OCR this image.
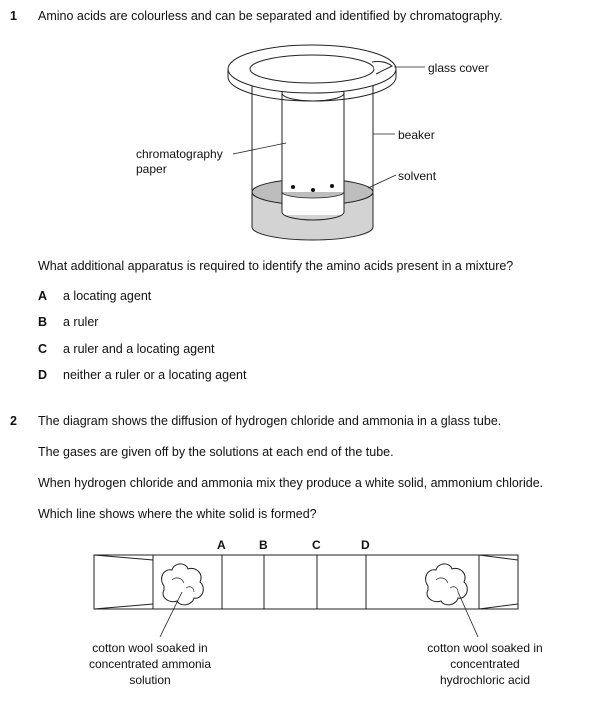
1 Amino acids are colourless and can be separated and identified by chromatography.
glass cover
beaker
chromatography
paper	solvent
What additional apparatus is required to identify the amino acids present in a mixture?
A a locating agent
B a ruler
C a ruler and a locating agent
D neither a ruler or a locating agent
2 The diagram shows the diffusion of hydrogen chloride and ammonia in a glass tube.
The gases are given off by the solutions at each end of the tube.
When hydrogen chloride and ammonia mix they produce a white solid, ammonium chloride.
Which line shows where the white solid is formed?
A	B	C	D
cotton wool soaked in
concentrated ammonia
solution
cotton wool soaked in
concentrated
hydrochloric acid
